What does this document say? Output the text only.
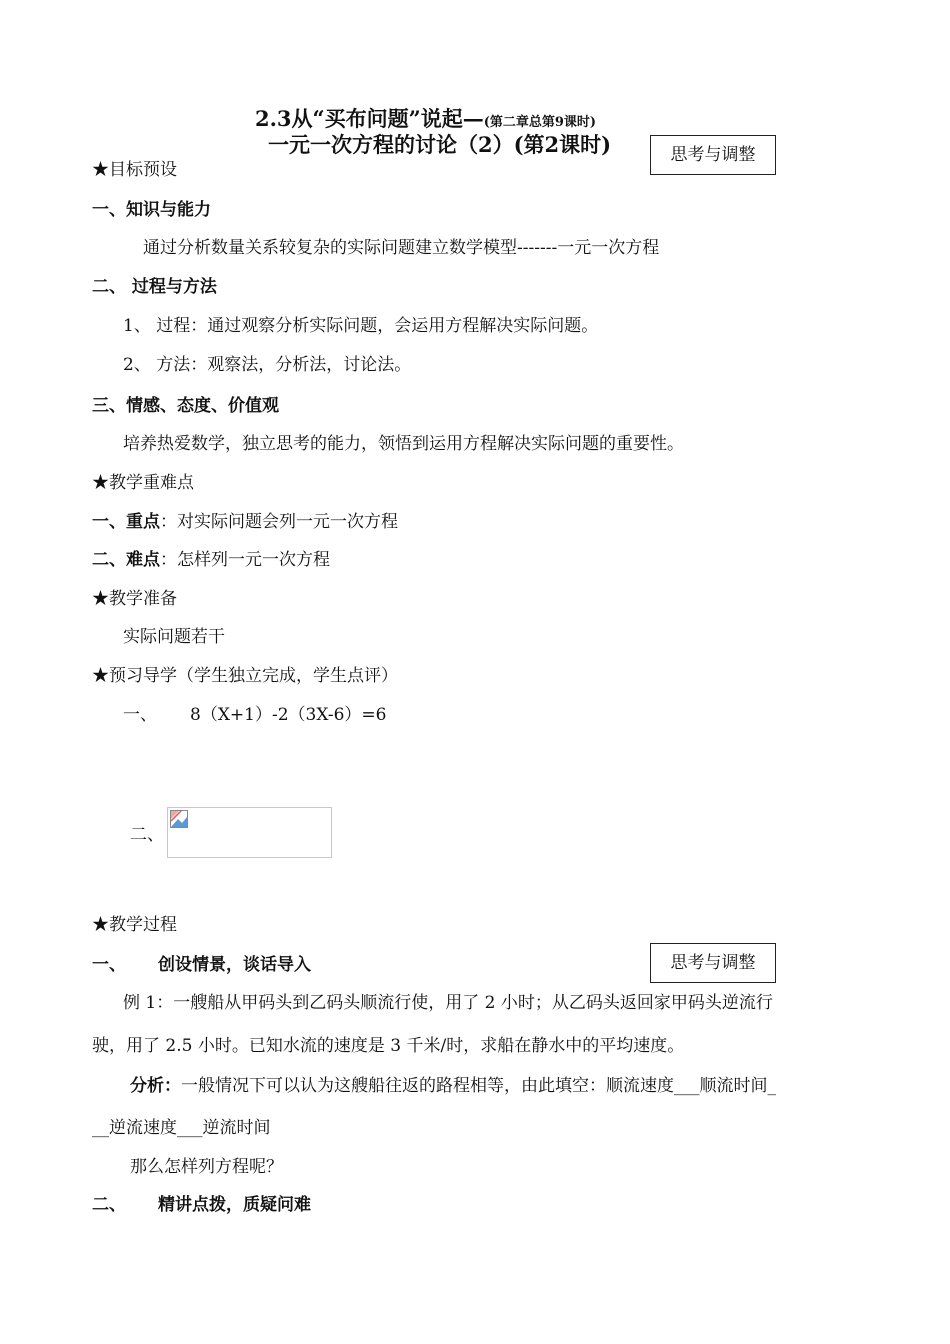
2.3从“买布问题”说起—(第二章总第9课时)
一元一次方程的讨论（2）(第2课时)	思考与调整
★目标预设
一、知识与能力
通过分析数量关系较复杂的实际问题建立数学模型-------一元一次方程
二、 过程与方法
1、 过程：通过观察分析实际问题，会运用方程解决实际问题。
2、 方法：观察法，分析法，讨论法。
三、情感、态度、价值观
培养热爱数学，独立思考的能力，领悟到运用方程解决实际问题的重要性。
★教学重难点
一、重点：对实际问题会列一元一次方程
二、难点：怎样列一元一次方程
★教学准备
实际问题若干
★预习导学（学生独立完成，学生点评）
一、 8（X+1）-2（3X-6）=6
二、
★教学过程
一、 创设情景，谈话导入	思考与调整
例 1：一艘船从甲码头到乙码头顺流行使，用了 2 小时；从乙码头返回家甲码头逆流行
驶，用了 2.5 小时。已知水流的速度是 3 千米/时，求船在静水中的平均速度。
分析：一般情况下可以认为这艘船往返的路程相等，由此填空：顺流速度___顺流时间_
__逆流速度___逆流时间
那么怎样列方程呢？
二、 精讲点拨，质疑问难
